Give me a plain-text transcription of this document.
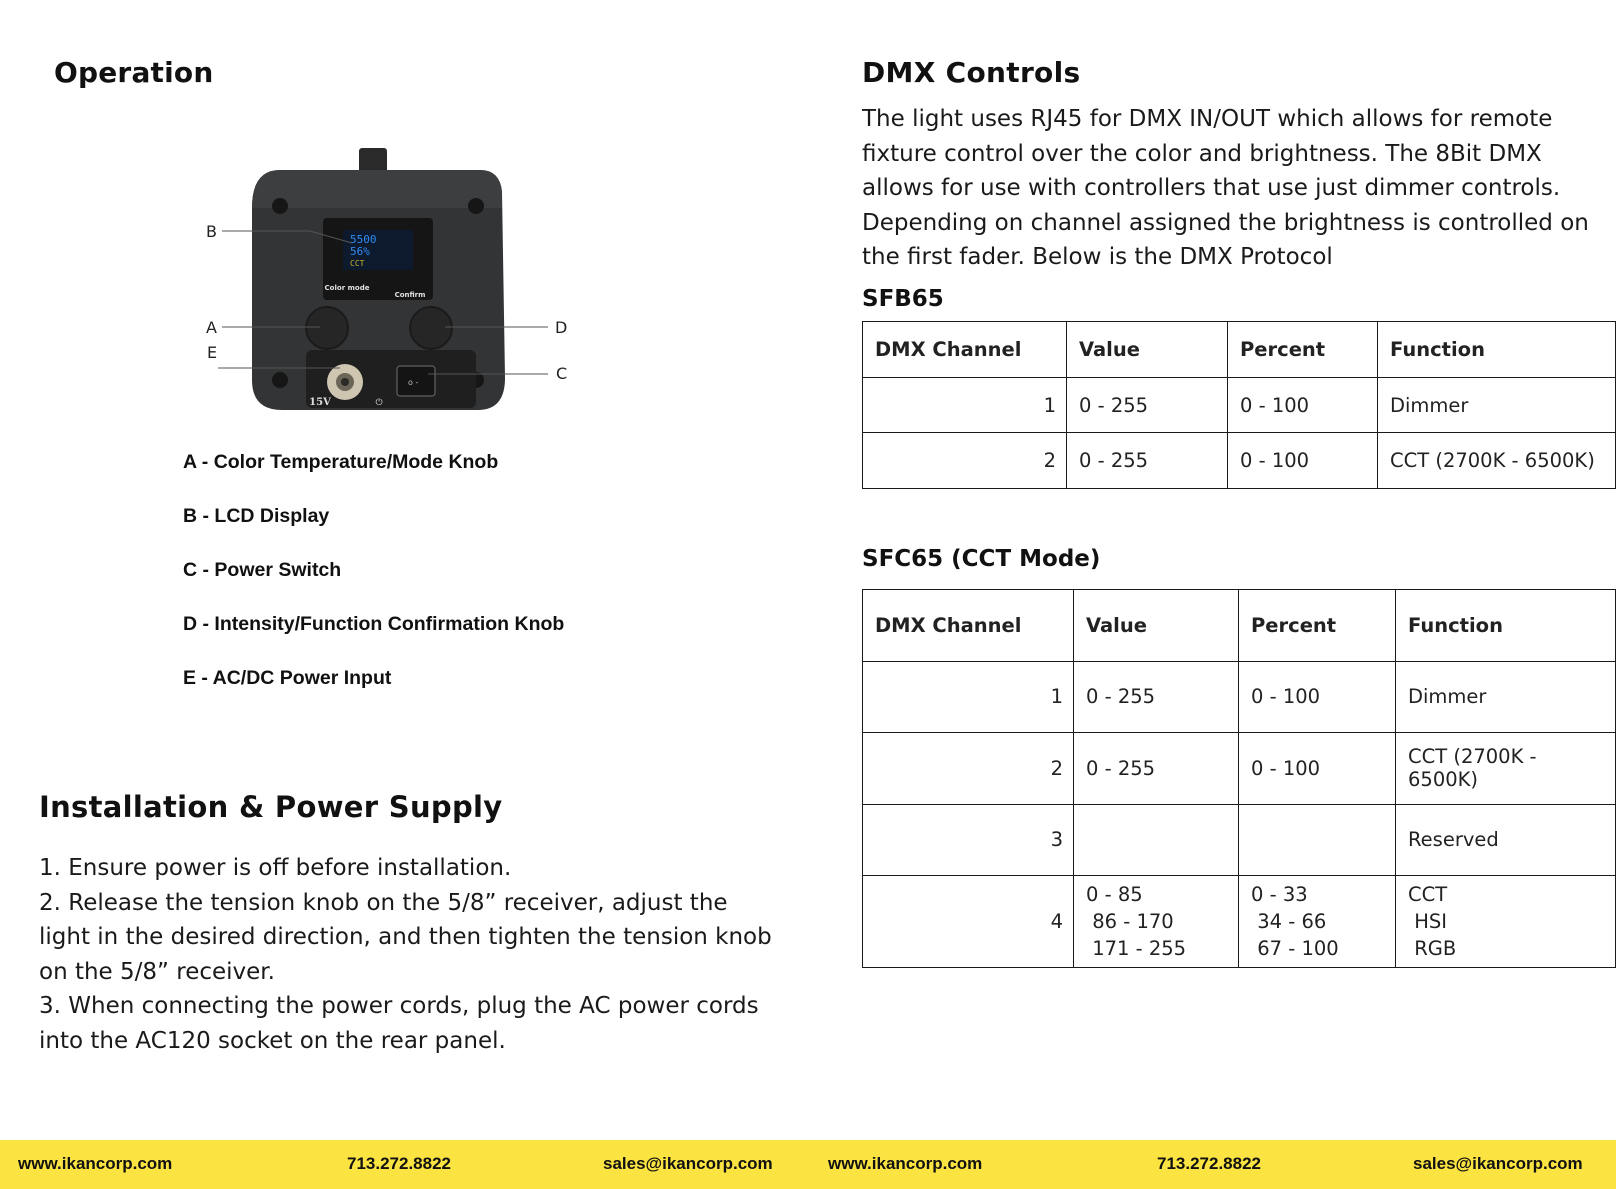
Operation
5500
56%
CCT
Color mode
Confirm
o -
15V	⏻
B
A
E
D
C
A - Color Temperature/Mode Knob
B - LCD Display
C - Power Switch
D - Intensity/Function Confirmation Knob
E - AC/DC Power Input
Installation & Power Supply

1. Ensure power is off before installation.

2. Release the tension knob on the 5/8” receiver, adjust the light in the desired direction, and then tighten the tension knob on the 5/8” receiver.

3. When connecting the power cords, plug the AC power cords into the AC120 socket on the rear panel.

DMX Controls

The light uses RJ45 for DMX IN/OUT which allows for remote fixture control over the color and brightness. The 8Bit DMX allows for use with controllers that use just dimmer controls. Depending on channel assigned the brightness is controlled on the first fader. Below is the DMX Protocol

SFB65
DMX Channel	Value	Percent	Function
1	0 - 255	0 - 100	Dimmer
2	0 - 255	0 - 100	CCT (2700K - 6500K)
SFC65 (CCT Mode)
DMX Channel	Value	Percent	Function
1	0 - 255	0 - 100	Dimmer
2	0 - 255	0 - 100	CCT (2700K - 6500K)
3			Reserved
4	0 - 85
86 - 170
171 - 255	0 - 33
34 - 66
67 - 100	CCT
HSI
RGB
www.ikancorp.com	713.272.8822	sales@ikancorp.com	www.ikancorp.com	713.272.8822	sales@ikancorp.com
